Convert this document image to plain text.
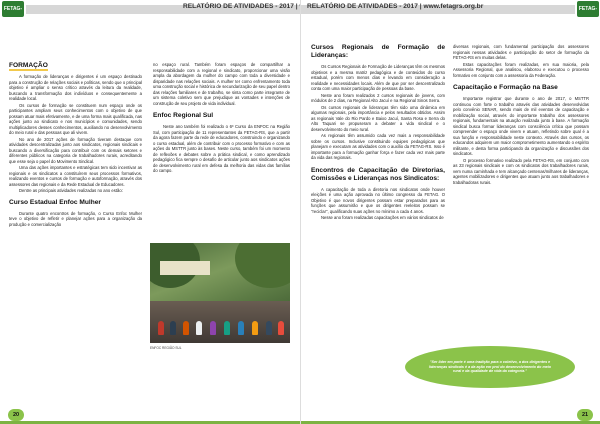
FETAG-RS
RELATÓRIO DE ATIVIDADES - 2017 |
FORMAÇÃO

A formação de lideranças e dirigentes é um espaço destinado para a construção de relações sociais e políticas, sendo que o principal objetivo é ampliar o senso crítico através da leitura da realidade, buscando a transformação dos indivíduos e consequentemente a realidade local.

Os cursos de formação se constituem num espaço onde os participantes ampliam seus conhecimentos com o objetivo de que possam atuar mais efetivamente, e de uma forma mais qualificada, nas ações junto ao sindicato e nos municípios e comunidades, sendo multiplicadores desses conhecimentos, auxiliando no desenvolvimento do meio rural e das pessoas que ali vivem.

No ano de 2017 ações de formação tiveram destaque com atividades descentralizadas junto aos sindicatos, regionais sindicais e buscando a diversificação para contribuir com os demais setores e diferentes públicos na categoria de trabalhadores rurais, acreditando que esse seja o papel do Movimento Sindical.

Uma das ações importantes e estratégicas tem sido incentivar as regionais e os sindicatos a constituírem seus processos formativos, realizando eventos e cursos de formação e autoformação, através dos assessores das regionais e da Rede Estadual de Educadores.

Dentre as principais atividades realizadas no ano estão:

Curso Estadual Enfoc Mulher

Durante quatro encontros de formação, o Curso Enfoc Mulher teve o objetivo de refletir e planejar ações para a organização da produção e comercialização

no espaço rural. Também foram espaços de compartilhar a responsabilidade com a regional e sindicato, proporcionar uma visão ampla da abordagem da mulher do campo com toda a diversidade e disparidade nas relações sociais. A mulher ter como enfrentamento toda uma construção social e histórica de secundarização de seu papel dentro das relações familiares e de trabalho, se sinta como parte integrante de um sistema coletivo sem que prejudique as vontades e intenções de construção de seu projeto de vida individual.

Enfoc Regional Sul

Neste ano também foi realizado o 6º Curso da ENFOC na Região Sul, com participação de 11 representantes da FETAG-RS, que a partir da agora fazem parte da rede de educadores, construindo e organizando o curso estadual, além de contribuir com o processo formativo e com as ações do MSTTR junto às bases. Neste curso, também foi um momento de reflexões e debates sobre a prática sindical, e como aprendizado pedagógico fica sempre o desafio de articular junto aos sindicatos ações de desenvolvimento rural em defesa da melhoria das vidas das famílias do campo.

ENFOC REGIÃO SUL
20
RELATÓRIO DE ATIVIDADES - 2017 | www.fetagrs.org.br	FETAG-RS
Cursos Regionais de Formação de Lideranças:

Os Cursos Regionais de Formação de Lideranças têm os mesmos objetivos e a mesma matriz pedagógica e de conteúdos do curso estadual, porém com menos dias e levando em consideração a realidade e necessidades locais. Além de que por ser descentralizado conta com uma maior participação de pessoas da base.

Neste ano foram realizados 2 cursos regionais de jovens, com módulos de 2 dias, na Regional Alto Jacuí e na Regional Sinos Serra.

Os cursos regionais de lideranças têm sido uma dinâmica em algumas regionais, pela importância e pelos resultados obtidos. Assim as regionais Vale do Rio Pardo e Baixo Jacuí, Santa Rosa e Serra do Alto Taquari se propuseram a debater a vida sindical e o desenvolvimento do meio rural.

As regionais têm assumido cada vez mais a responsabilidade sobre os cursos. Inclusive constituindo equipes pedagógicas que planejam e executam as atividades com o auxílio da FETAG-RS. Isso é importante para a formação ganhar força e fazer cada vez mais parte da vida das regionais.

Encontros de Capacitação de Diretorias, Comissões e Lideranças nos Sindicatos:

A capacitação de toda a diretoria nos sindicatos onde houver eleições é uma ação aprovada no último congresso da FETAG. O Objetivo é que novos dirigentes possam estar preparados para as funções que assumirão e que os dirigentes reeleitos possam se "reciclar", qualificando suas ações no mínimo a cada 4 anos.

Nesse ano foram realizadas capacitações em vários sindicatos de

diversas regionais, com fundamental participação dos assessores regionais nessas atividades e participação do setor de formação da FETAG-RS em muitas delas.

Estas capacitações foram realizadas, em sua maioria, pela Assessoria Regional, que analisou, elaborou e executou o processo formativo em conjunto com a assessoria da Federação.

Capacitação e Formação na Base

Importante registrar que durante o ano de 2017, o MSTTR continuou com forte o trabalho através das atividades desenvolvidas pelo convênio SENAR, sendo mais de mil eventos de capacitação e mobilização social, através do importante trabalho dos assessores regionais, fundamentais na atuação realizada junto à base. A formação sindical busca formar lideranças com consciência crítica que possam compreender o espaço onde vivem e atuam, refletindo sobre qual é a sua função e responsabilidade neste contexto. Através dos cursos, os educandos adquirem um maior comprometimento aumentando o espírito militante, e desta forma participando da organização e discussões dos sindicatos.

O processo formativo realizado pela FETAG-RS, em conjunto com as 23 regionais sindicais e com os sindicatos dos trabalhadores rurais, vem numa caminhada e tem alcançado centenas/milhares de lideranças, agentes mobilizadores e dirigentes que atuam junto aos trabalhadores e trabalhadoras rurais.

21
"Ser líder em parte é uma tradição para o coletivo, a dos dirigentes e lideranças sindicais é a da ação em prol do desenvolvimento do meio rural e da qualidade de vida da categoria."
